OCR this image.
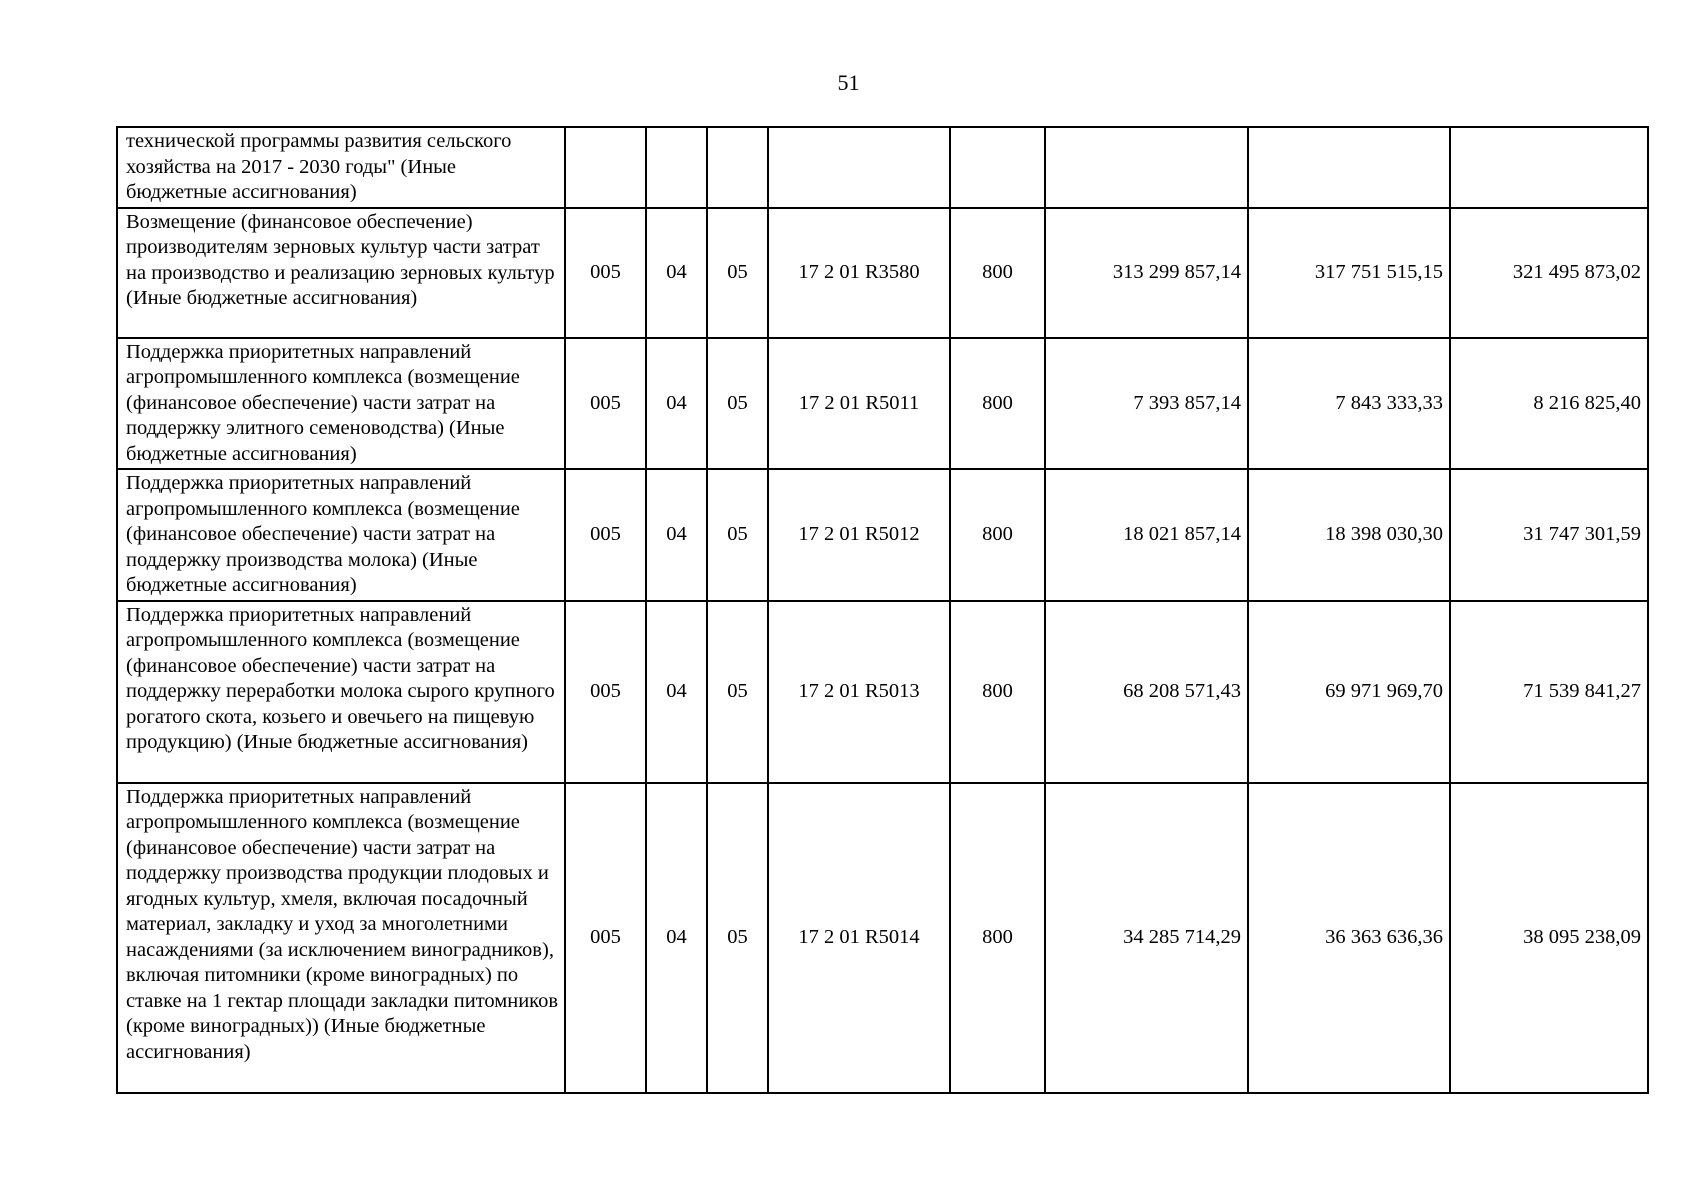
51
технической программы развития сельского хозяйства на 2017 - 2030 годы" (Иные бюджетные ассигнования)								
Возмещение (финансовое обеспечение) производителям зерновых культур части затрат на производство и реализацию зерновых культур (Иные бюджетные ассигнования)	005	04	05	17 2 01 R3580	800	313 299 857,14	317 751 515,15	321 495 873,02
Поддержка приоритетных направлений агропромышленного комплекса (возмещение (финансовое обеспечение) части затрат на поддержку элитного семеноводства) (Иные бюджетные ассигнования)	005	04	05	17 2 01 R5011	800	7 393 857,14	7 843 333,33	8 216 825,40
Поддержка приоритетных направлений агропромышленного комплекса (возмещение (финансовое обеспечение) части затрат на поддержку производства молока) (Иные бюджетные ассигнования)	005	04	05	17 2 01 R5012	800	18 021 857,14	18 398 030,30	31 747 301,59
Поддержка приоритетных направлений агропромышленного комплекса (возмещение (финансовое обеспечение) части затрат на поддержку переработки молока сырого крупного рогатого скота, козьего и овечьего на пищевую продукцию) (Иные бюджетные ассигнования)	005	04	05	17 2 01 R5013	800	68 208 571,43	69 971 969,70	71 539 841,27
Поддержка приоритетных направлений агропромышленного комплекса (возмещение (финансовое обеспечение) части затрат на поддержку производства продукции плодовых и ягодных культур, хмеля, включая посадочный материал, закладку и уход за многолетними насаждениями (за исключением виноградников), включая питомники (кроме виноградных) по ставке на 1 гектар площади закладки питомников (кроме виноградных)) (Иные бюджетные ассигнования)	005	04	05	17 2 01 R5014	800	34 285 714,29	36 363 636,36	38 095 238,09
